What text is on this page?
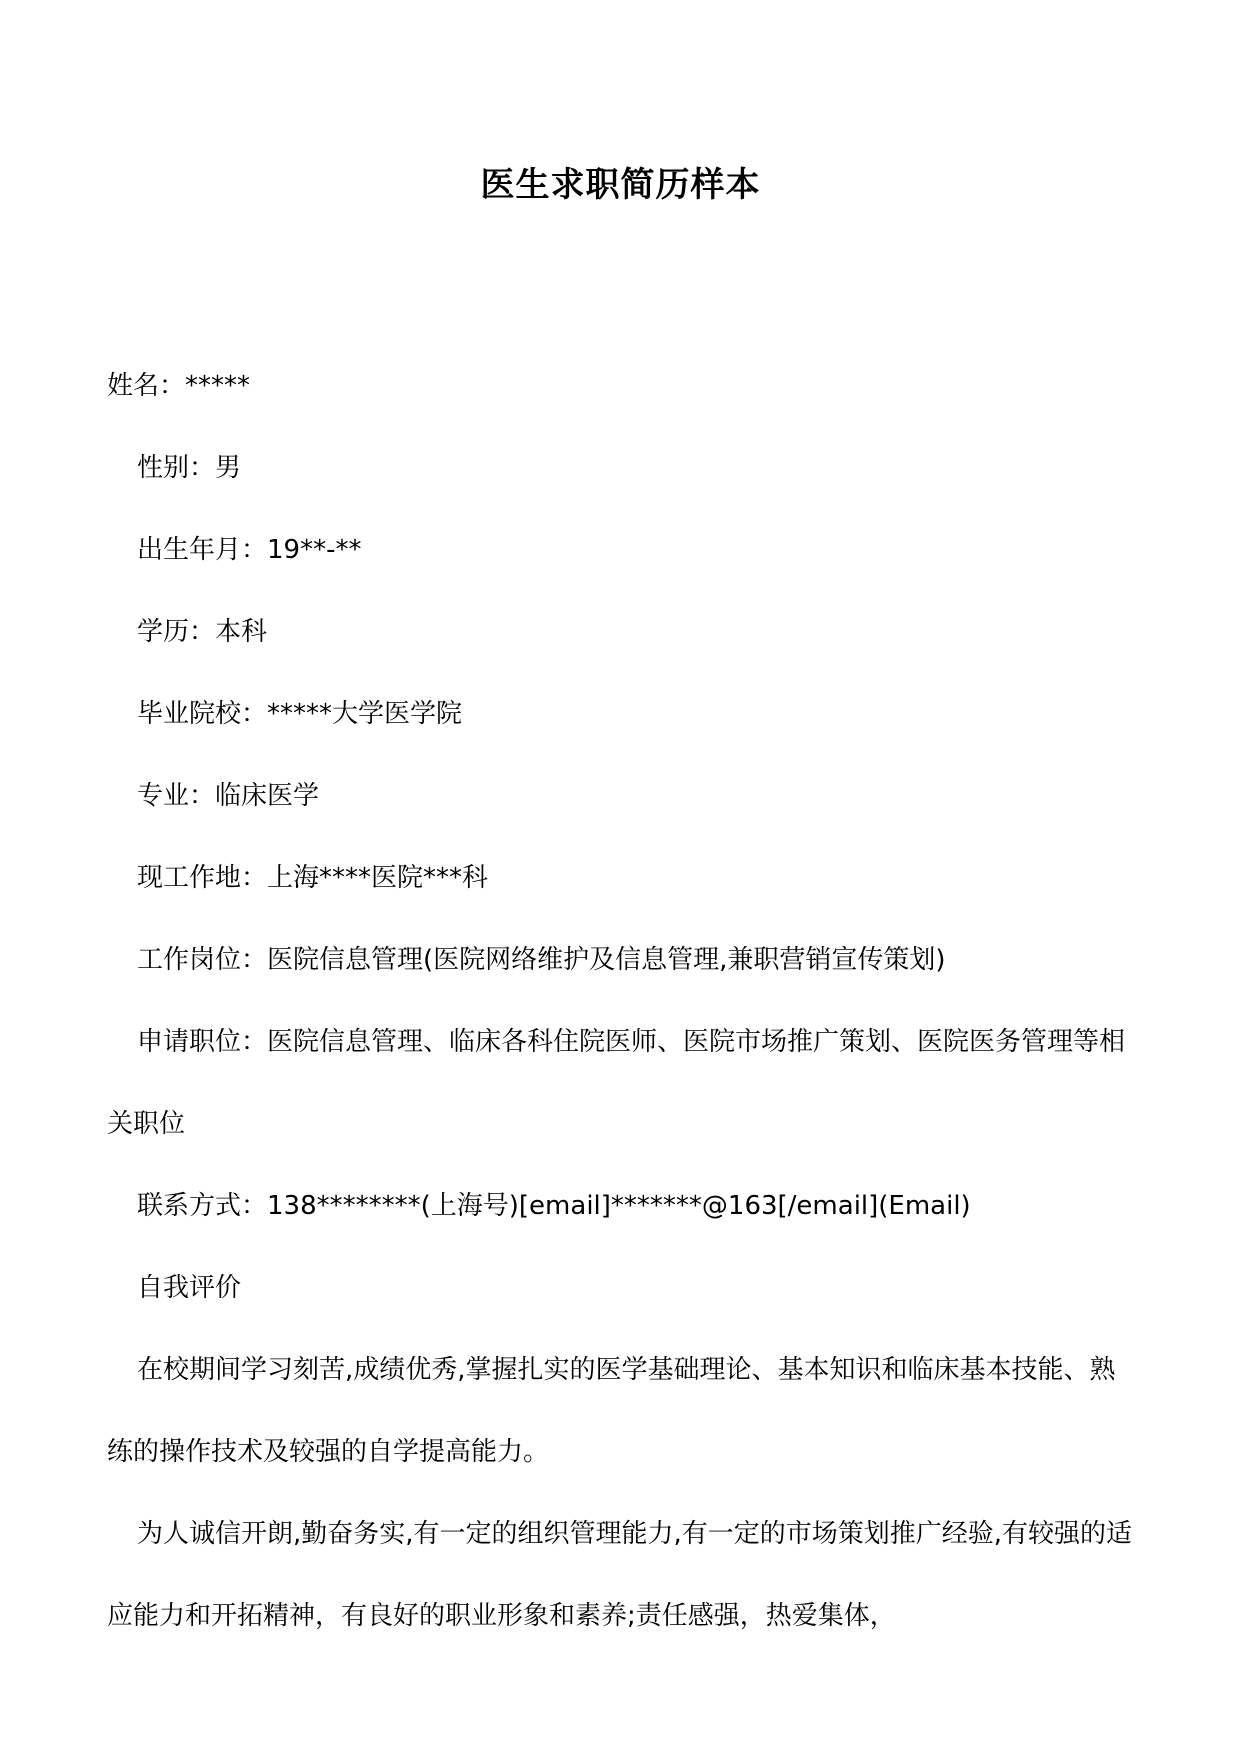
医生求职简历样本

姓名：*****

性别：男

出生年月：19**-**

学历：本科

毕业院校：*****大学医学院

专业：临床医学

现工作地：上海****医院***科

工作岗位：医院信息管理(医院网络维护及信息管理,兼职营销宣传策划)

申请职位：医院信息管理、临床各科住院医师、医院市场推广策划、医院医务管理等相关职位

联系方式：138********(上海号)[email]*******@163[/email](Email)

自我评价

在校期间学习刻苦,成绩优秀,掌握扎实的医学基础理论、基本知识和临床基本技能、熟练的操作技术及较强的自学提高能力。

为人诚信开朗,勤奋务实,有一定的组织管理能力,有一定的市场策划推广经验,有较强的适应能力和开拓精神，有良好的职业形象和素养;责任感强，热爱集体，
